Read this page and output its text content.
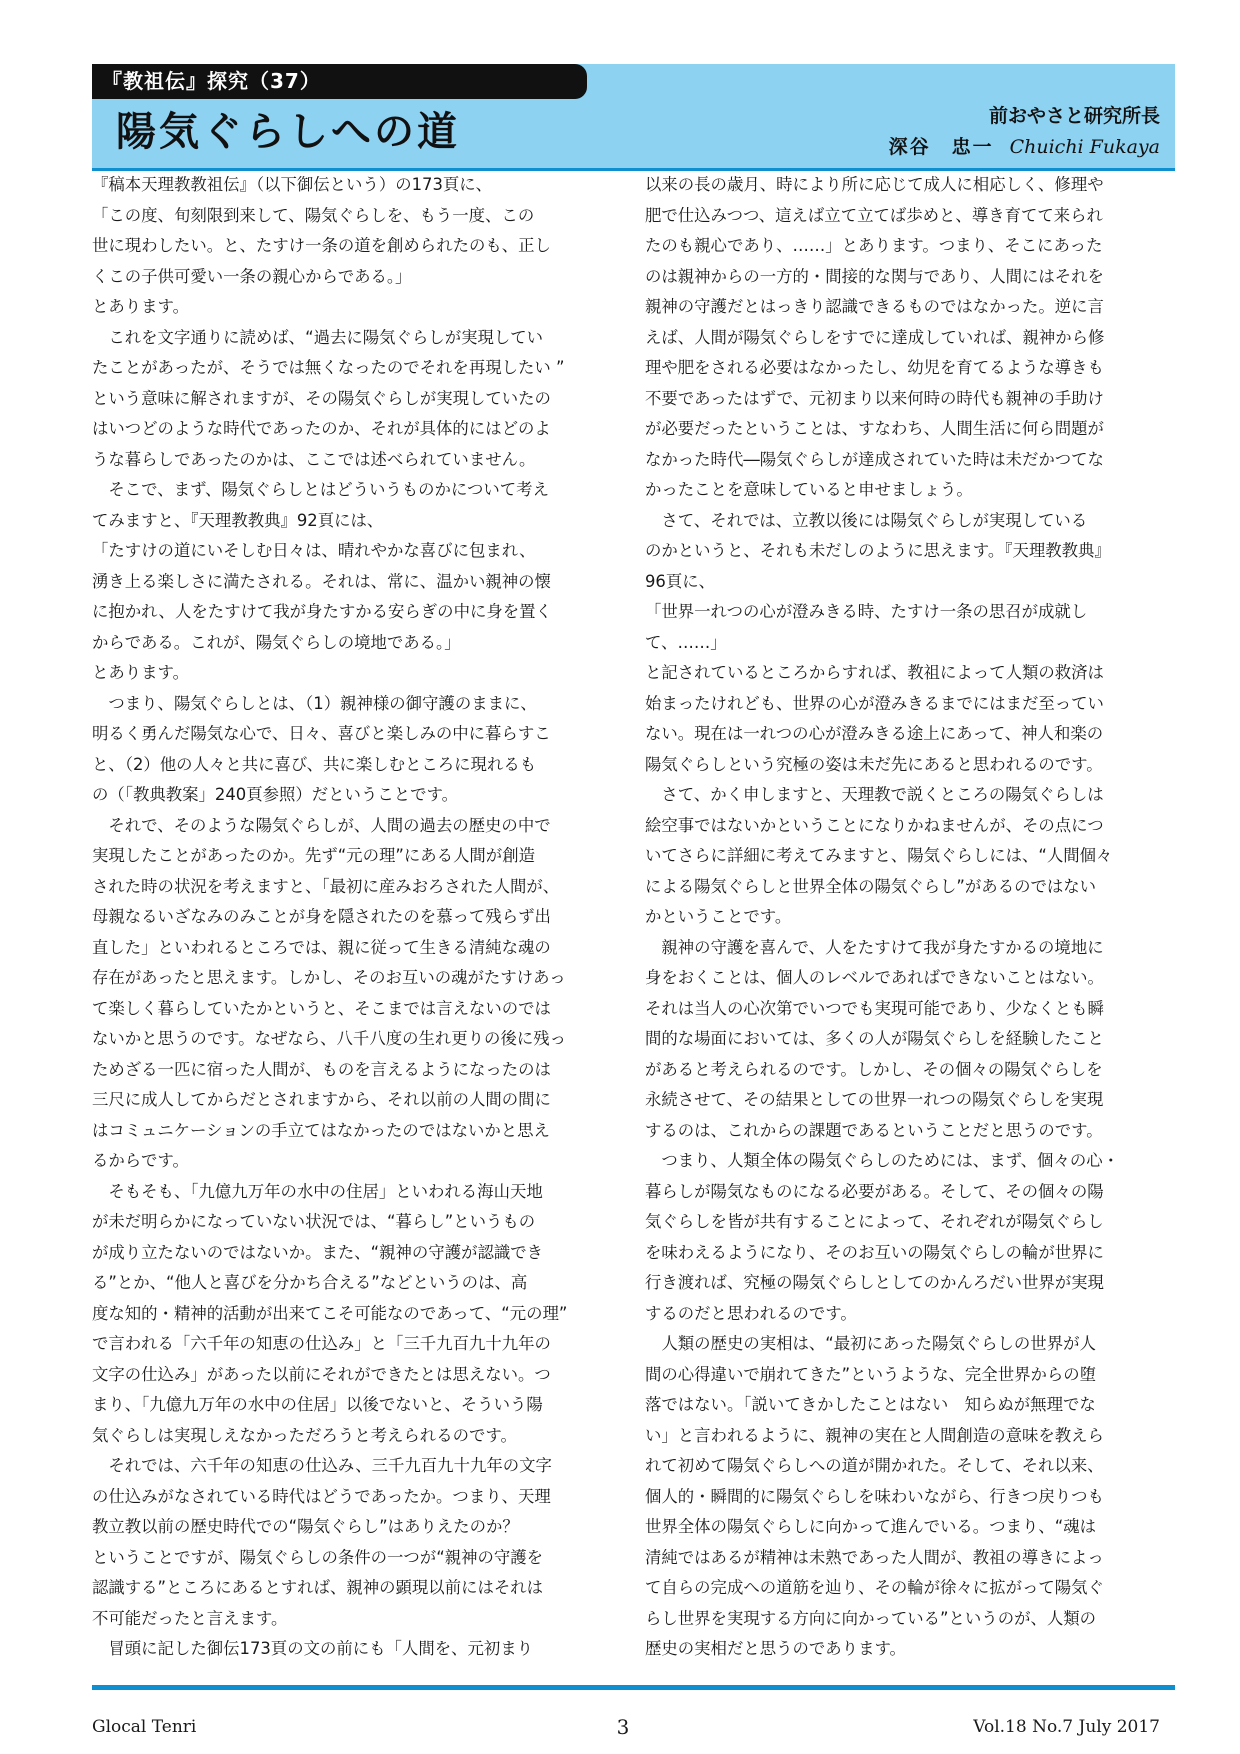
『教祖伝』探究（37）
陽気ぐらしへの道	前おやさと研究所長
深谷　忠一 Chuichi Fukaya
『稿本天理教教祖伝』（以下御伝という）の173頁に、
「この度、旬刻限到来して、陽気ぐらしを、もう一度、この
世に現わしたい。と、たすけ一条の道を創められたのも、正し
くこの子供可愛い一条の親心からである。」
とあります。
　これを文字通りに読めば、“過去に陽気ぐらしが実現してい
たことがあったが、そうでは無くなったのでそれを再現したい ”
という意味に解されますが、その陽気ぐらしが実現していたの
はいつどのような時代であったのか、それが具体的にはどのよ
うな暮らしであったのかは、ここでは述べられていません。
　そこで、まず、陽気ぐらしとはどういうものかについて考え
てみますと、『天理教教典』92頁には、
「たすけの道にいそしむ日々は、晴れやかな喜びに包まれ、
湧き上る楽しさに満たされる。それは、常に、温かい親神の懐
に抱かれ、人をたすけて我が身たすかる安らぎの中に身を置く
からである。これが、陽気ぐらしの境地である。」
とあります。
　つまり、陽気ぐらしとは、（1）親神様の御守護のままに、
明るく勇んだ陽気な心で、日々、喜びと楽しみの中に暮らすこ
と、（2）他の人々と共に喜び、共に楽しむところに現れるも
の（「教典教案」240頁参照）だということです。
　それで、そのような陽気ぐらしが、人間の過去の歴史の中で
実現したことがあったのか。先ず“元の理”にある人間が創造
された時の状況を考えますと、「最初に産みおろされた人間が、
母親なるいざなみのみことが身を隠されたのを慕って残らず出
直した」といわれるところでは、親に従って生きる清純な魂の
存在があったと思えます。しかし、そのお互いの魂がたすけあっ
て楽しく暮らしていたかというと、そこまでは言えないのでは
ないかと思うのです。なぜなら、八千八度の生れ更りの後に残っ
ためざる一匹に宿った人間が、ものを言えるようになったのは
三尺に成人してからだとされますから、それ以前の人間の間に
はコミュニケーションの手立てはなかったのではないかと思え
るからです。
　そもそも、「九億九万年の水中の住居」といわれる海山天地
が未だ明らかになっていない状況では、“暮らし”というもの
が成り立たないのではないか。また、“親神の守護が認識でき
る”とか、“他人と喜びを分かち合える”などというのは、高
度な知的・精神的活動が出来てこそ可能なのであって、“元の理”
で言われる「六千年の知恵の仕込み」と「三千九百九十九年の
文字の仕込み」があった以前にそれができたとは思えない。つ
まり、「九億九万年の水中の住居」以後でないと、そういう陽
気ぐらしは実現しえなかっただろうと考えられるのです。
　それでは、六千年の知恵の仕込み、三千九百九十九年の文字
の仕込みがなされている時代はどうであったか。つまり、天理
教立教以前の歴史時代での“陽気ぐらし”はありえたのか？
ということですが、陽気ぐらしの条件の一つが“親神の守護を
認識する”ところにあるとすれば、親神の顕現以前にはそれは
不可能だったと言えます。
　冒頭に記した御伝173頁の文の前にも「人間を、元初まり
以来の長の歳月、時により所に応じて成人に相応しく、修理や
肥で仕込みつつ、這えば立て立てば歩めと、導き育てて来られ
たのも親心であり、……」とあります。つまり、そこにあった
のは親神からの一方的・間接的な関与であり、人間にはそれを
親神の守護だとはっきり認識できるものではなかった。逆に言
えば、人間が陽気ぐらしをすでに達成していれば、親神から修
理や肥をされる必要はなかったし、幼児を育てるような導きも
不要であったはずで、元初まり以来何時の時代も親神の手助け
が必要だったということは、すなわち、人間生活に何ら問題が
なかった時代―陽気ぐらしが達成されていた時は未だかつてな
かったことを意味していると申せましょう。
　さて、それでは、立教以後には陽気ぐらしが実現している
のかというと、それも未だしのように思えます。『天理教教典』
96頁に、
「世界一れつの心が澄みきる時、たすけ一条の思召が成就し
て、……」
と記されているところからすれば、教祖によって人類の救済は
始まったけれども、世界の心が澄みきるまでにはまだ至ってい
ない。現在は一れつの心が澄みきる途上にあって、神人和楽の
陽気ぐらしという究極の姿は未だ先にあると思われるのです。
　さて、かく申しますと、天理教で説くところの陽気ぐらしは
絵空事ではないかということになりかねませんが、その点につ
いてさらに詳細に考えてみますと、陽気ぐらしには、“人間個々
による陽気ぐらしと世界全体の陽気ぐらし”があるのではない
かということです。
　親神の守護を喜んで、人をたすけて我が身たすかるの境地に
身をおくことは、個人のレベルであればできないことはない。
それは当人の心次第でいつでも実現可能であり、少なくとも瞬
間的な場面においては、多くの人が陽気ぐらしを経験したこと
があると考えられるのです。しかし、その個々の陽気ぐらしを
永続させて、その結果としての世界一れつの陽気ぐらしを実現
するのは、これからの課題であるということだと思うのです。
　つまり、人類全体の陽気ぐらしのためには、まず、個々の心・
暮らしが陽気なものになる必要がある。そして、その個々の陽
気ぐらしを皆が共有することによって、それぞれが陽気ぐらし
を味わえるようになり、そのお互いの陽気ぐらしの輪が世界に
行き渡れば、究極の陽気ぐらしとしてのかんろだい世界が実現
するのだと思われるのです。
　人類の歴史の実相は、“最初にあった陽気ぐらしの世界が人
間の心得違いで崩れてきた”というような、完全世界からの堕
落ではない。「説いてきかしたことはない　知らぬが無理でな
い」と言われるように、親神の実在と人間創造の意味を教えら
れて初めて陽気ぐらしへの道が開かれた。そして、それ以来、
個人的・瞬間的に陽気ぐらしを味わいながら、行きつ戻りつも
世界全体の陽気ぐらしに向かって進んでいる。つまり、“魂は
清純ではあるが精神は未熟であった人間が、教祖の導きによっ
て自らの完成への道筋を辿り、その輪が徐々に拡がって陽気ぐ
らし世界を実現する方向に向かっている”というのが、人類の
歴史の実相だと思うのであります。
Glocal Tenri	3	Vol.18 No.7 July 2017
